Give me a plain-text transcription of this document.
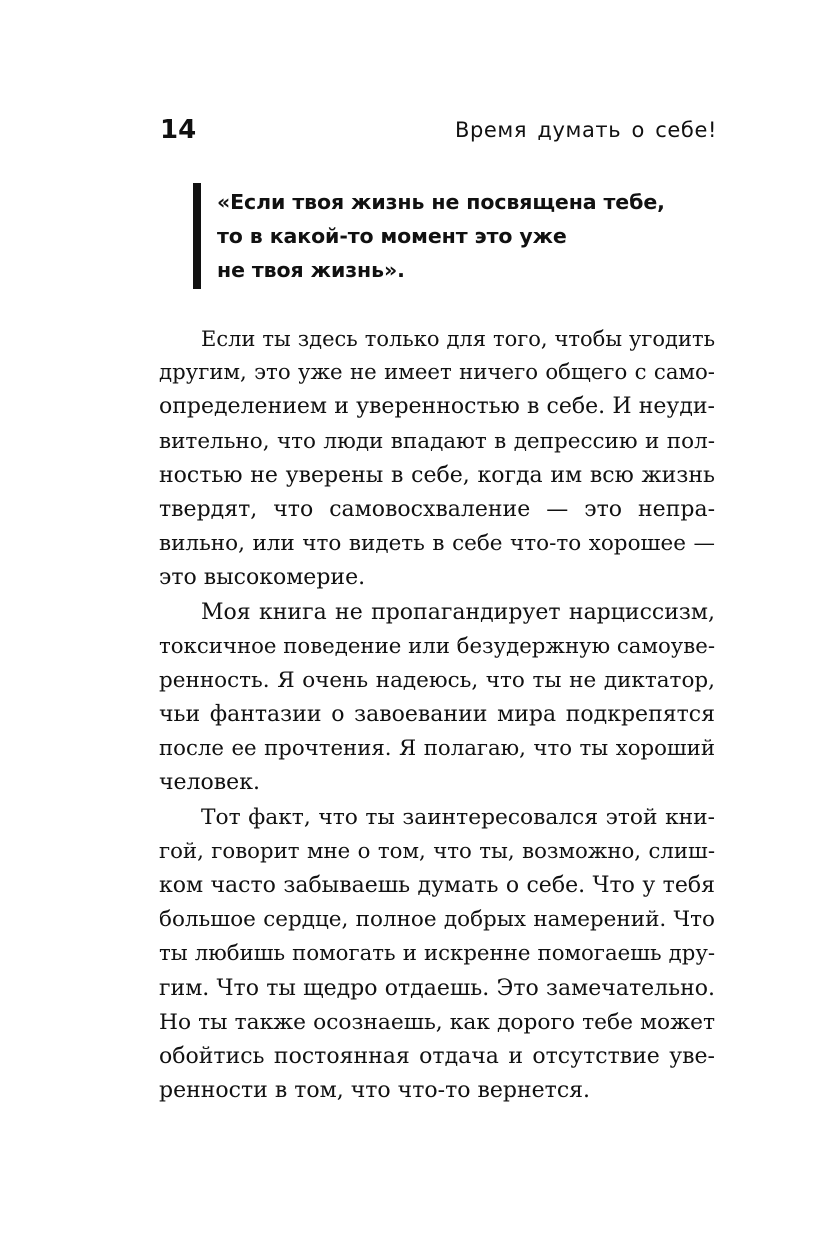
14	Время думать о себе!
«Если твоя жизнь не посвящена тебе,
то в какой-то момент это уже
не твоя жизнь».
Если ты здесь только для того, чтобы угодить
другим, это уже не имеет ничего общего с само-
определением и уверенностью в себе. И неуди-
вительно, что люди впадают в депрессию и пол-
ностью не уверены в себе, когда им всю жизнь
твердят, что самовосхваление — это непра-
вильно, или что видеть в себе что-то хорошее —
это высокомерие.
Моя книга не пропагандирует нарциссизм,
токсичное поведение или безудержную самоуве-
ренность. Я очень надеюсь, что ты не диктатор,
чьи фантазии о завоевании мира подкрепятся
после ее прочтения. Я полагаю, что ты хороший
человек.
Тот факт, что ты заинтересовался этой кни-
гой, говорит мне о том, что ты, возможно, слиш-
ком часто забываешь думать о себе. Что у тебя
большое сердце, полное добрых намерений. Что
ты любишь помогать и искренне помогаешь дру-
гим. Что ты щедро отдаешь. Это замечательно.
Но ты также осознаешь, как дорого тебе может
обойтись постоянная отдача и отсутствие уве-
ренности в том, что что-то вернется.
